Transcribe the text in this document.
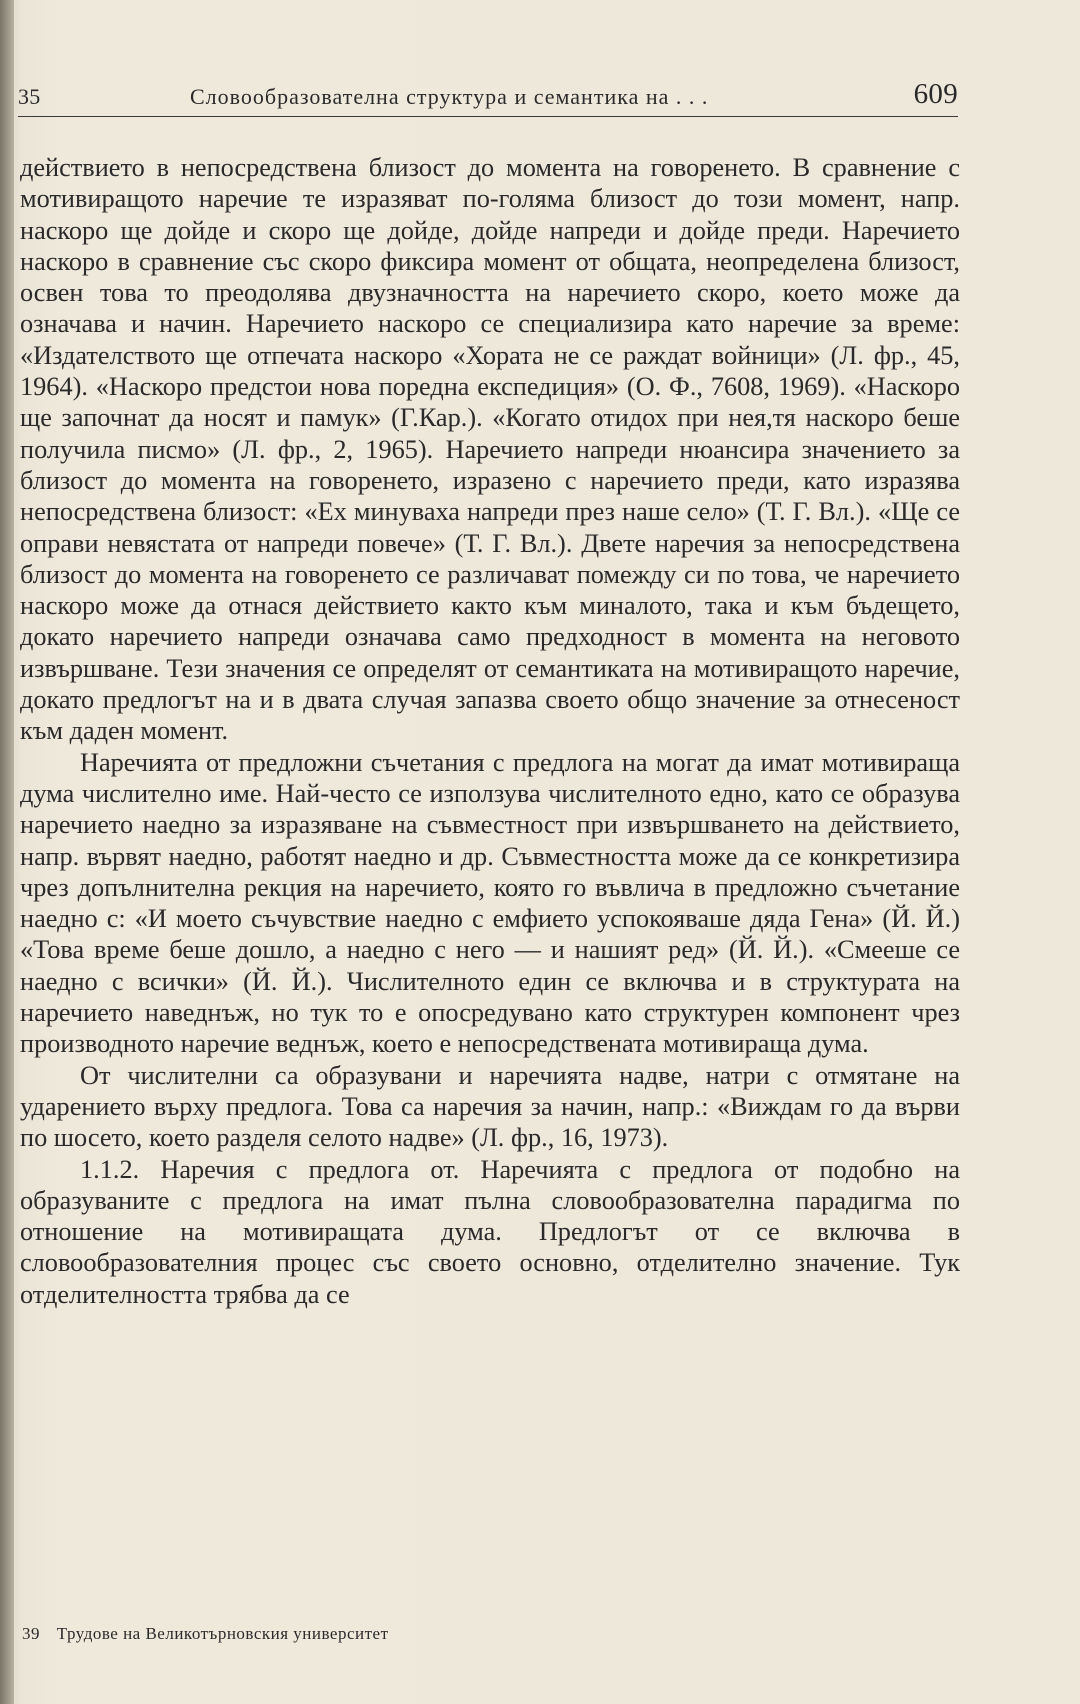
35	Словообразователна структура и семантика на . . .	609

действието в непосредствена близост до момента на говоренето. В сравнение с мотивиращото наречие те изразяват по-голяма близост до този момент, напр. наскоро ще дойде и скоро ще дойде, дойде напреди и дойде преди. Наречието наскоро в сравнение със скоро фиксира момент от общата, неопределена близост, освен това то преодолява двузначността на наречието скоро, което може да означава и начин. Наречието наскоро се специализира като наречие за време: «Издателството ще отпечата наскоро «Хората не се раждат войници» (Л. фр., 45, 1964). «Наскоро предстои нова поредна експедиция» (О. Ф., 7608, 1969). «Наскоро ще започнат да носят и памук» (Г.Кар.). «Когато отидох при нея,тя наскоро беше получила писмо» (Л. фр., 2, 1965). Наречието напреди нюансира значението за близост до момента на говоренето, изразено с наречието преди, като изразява непосредствена близост: «Ех минуваха напреди през наше село» (Т. Г. Вл.). «Ще се оправи невястата от напреди повече» (Т. Г. Вл.). Двете наречия за непосредствена близост до момента на говоренето се различават помежду си по това, че наречието наскоро може да отнася действието както към миналото, така и към бъдещето, докато наречието напреди означава само предходност в момента на неговото извършване. Тези значения се определят от семантиката на мотивиращото наречие, докато предлогът на и в двата случая запазва своето общо значение за отнесеност към даден момент.

Наречията от предложни съчетания с предлога на могат да имат мотивираща дума числително име. Най-често се използува числителното едно, като се образува наречието наедно за изразяване на съвместност при извършването на действието, напр. вървят наедно, работят наедно и др. Съвместността може да се конкретизира чрез допълнителна рекция на наречието, която го въвлича в предложно съчетание наедно с: «И моето съчувствие наедно с емфието успокояваше дяда Гена» (Й. Й.) «Това време беше дошло, а наедно с него — и нашият ред» (Й. Й.). «Смееше се наедно с всички» (Й. Й.). Числителното един се включва и в структурата на наречието наведнъж, но тук то е опосредувано като структурен компонент чрез производното наречие веднъж, което е непосредствената мотивираща дума.

От числителни са образувани и наречията надве, натри с отмятане на ударението върху предлога. Това са наречия за начин, напр.: «Виждам го да върви по шосето, което разделя селото надве» (Л. фр., 16, 1973).

1.1.2. Наречия с предлога от. Наречията с предлога от подобно на образуваните с предлога на имат пълна словообразователна парадигма по отношение на мотивиращата дума. Предлогът от се включва в словообразователния процес със своето основно, отделително значение. Тук отделителността трябва да се

39 Трудове на Великотърновския университет
